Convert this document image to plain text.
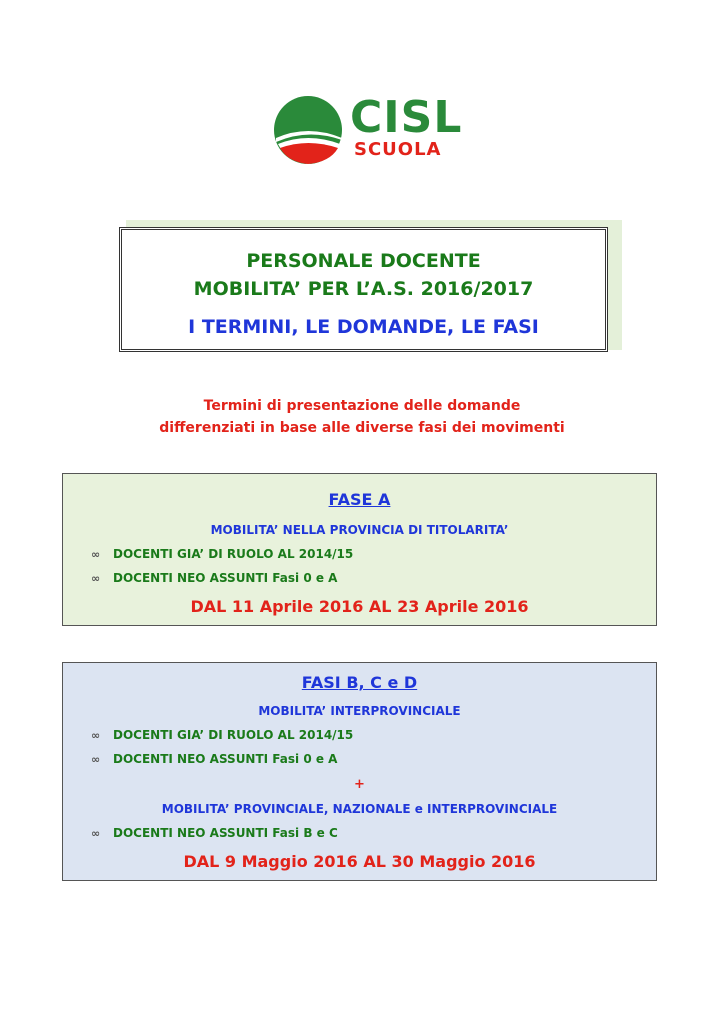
CISL
SCUOLA
PERSONALE DOCENTE
MOBILITA’ PER L’A.S. 2016/2017
I TERMINI, LE DOMANDE, LE FASI
Termini di presentazione delle domande
differenziati in base alle diverse fasi dei movimenti
FASE A
MOBILITA’ NELLA PROVINCIA DI TITOLARITA’
∞ DOCENTI GIA’ DI RUOLO AL 2014/15
∞ DOCENTI NEO ASSUNTI Fasi 0 e A
DAL 11 Aprile 2016 AL 23 Aprile 2016
FASI B, C e D
MOBILITA’ INTERPROVINCIALE
∞ DOCENTI GIA’ DI RUOLO AL 2014/15
∞ DOCENTI NEO ASSUNTI Fasi 0 e A
+
MOBILITA’ PROVINCIALE, NAZIONALE e INTERPROVINCIALE
∞ DOCENTI NEO ASSUNTI Fasi B e C
DAL 9 Maggio 2016 AL 30 Maggio 2016
